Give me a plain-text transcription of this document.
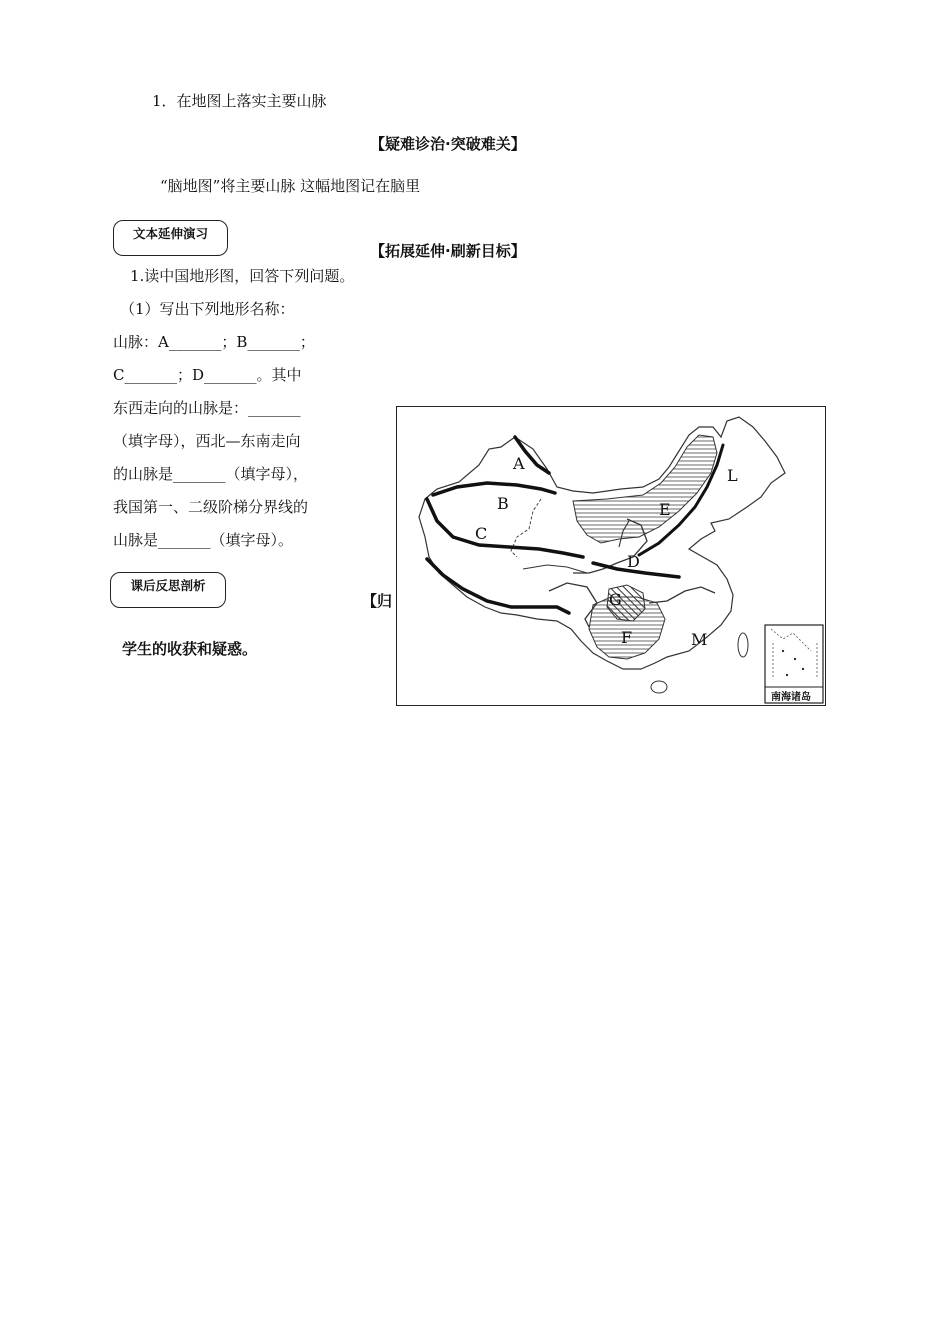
1．在地图上落实主要山脉
【疑难诊治·突破难关】
“脑地图”将主要山脉 这幅地图记在脑里
文本延伸演习
【拓展延伸·刷新目标】
1.读中国地形图，回答下列问题。
（1）写出下列地形名称：
山脉：A_______；B_______；
C_______；D_______。其中
东西走向的山脉是：_______
（填字母），西北—东南走向
的山脉是_______（填字母），
我国第一、二级阶梯分界线的
山脉是_______（填字母）。
课后反思剖析
【归
学生的收获和疑惑。
A
B
C
D
E
F
G
L
M
南海诸岛
